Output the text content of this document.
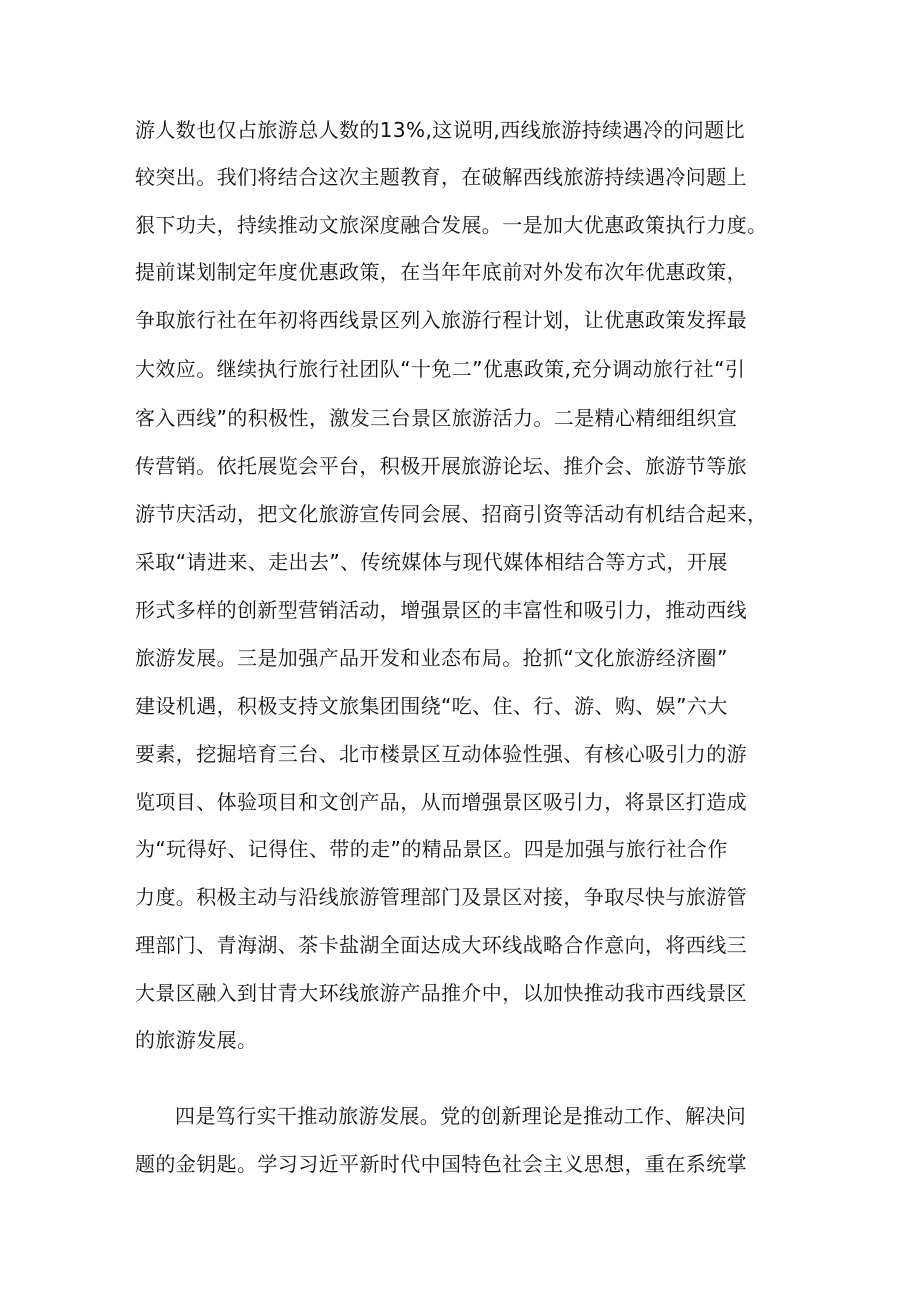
游人数也仅占旅游总人数的13%,这说明,西线旅游持续遇冷的问题比
较突出。我们将结合这次主题教育，在破解西线旅游持续遇冷问题上
狠下功夫，持续推动文旅深度融合发展。一是加大优惠政策执行力度。
提前谋划制定年度优惠政策，在当年年底前对外发布次年优惠政策，
争取旅行社在年初将西线景区列入旅游行程计划，让优惠政策发挥最
大效应。继续执行旅行社团队“十免二”优惠政策,充分调动旅行社“引
客入西线”的积极性，激发三台景区旅游活力。二是精心精细组织宣
传营销。依托展览会平台，积极开展旅游论坛、推介会、旅游节等旅
游节庆活动，把文化旅游宣传同会展、招商引资等活动有机结合起来，
采取“请进来、走出去”、传统媒体与现代媒体相结合等方式，开展
形式多样的创新型营销活动，增强景区的丰富性和吸引力，推动西线
旅游发展。三是加强产品开发和业态布局。抢抓“文化旅游经济圈”
建设机遇，积极支持文旅集团围绕“吃、住、行、游、购、娱”六大
要素，挖掘培育三台、北市楼景区互动体验性强、有核心吸引力的游
览项目、体验项目和文创产品，从而增强景区吸引力，将景区打造成
为“玩得好、记得住、带的走”的精品景区。四是加强与旅行社合作
力度。积极主动与沿线旅游管理部门及景区对接，争取尽快与旅游管
理部门、青海湖、茶卡盐湖全面达成大环线战略合作意向，将西线三
大景区融入到甘青大环线旅游产品推介中，以加快推动我市西线景区
的旅游发展。
四是笃行实干推动旅游发展。党的创新理论是推动工作、解决问
题的金钥匙。学习习近平新时代中国特色社会主义思想，重在系统掌
